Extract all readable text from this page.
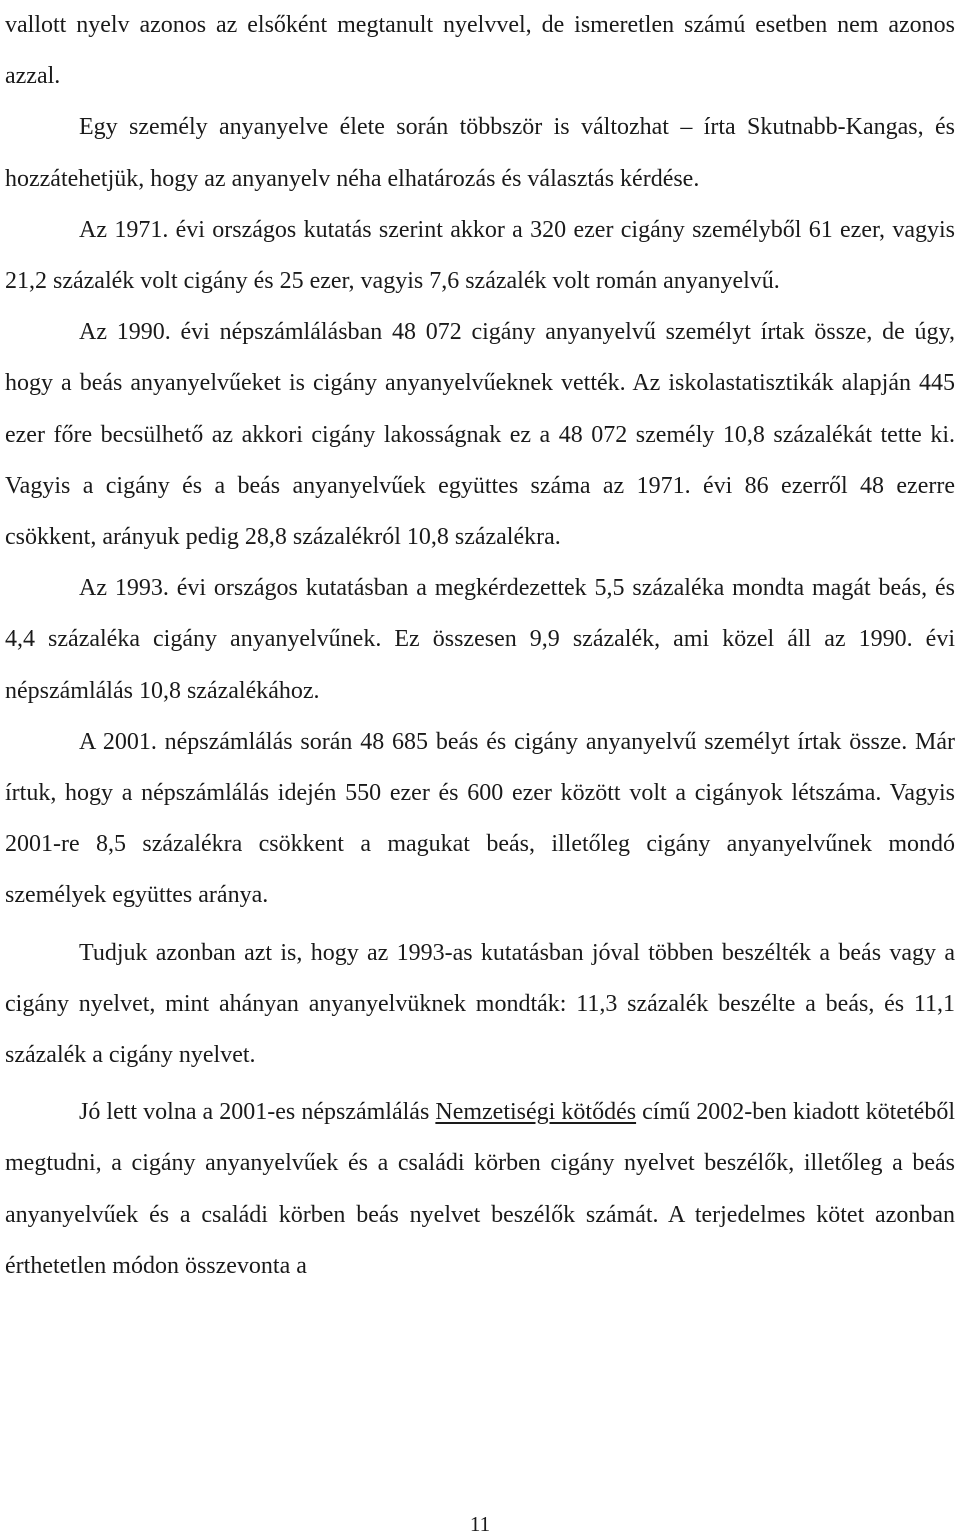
vallott nyelv azonos az elsőként megtanult nyelvvel, de ismeretlen számú esetben nem azonos azzal.

Egy személy anyanyelve élete során többször is változhat – írta Skutnabb-Kangas, és hozzátehetjük, hogy az anyanyelv néha elhatározás és választás kérdése.

Az 1971. évi országos kutatás szerint akkor a 320 ezer cigány személyből 61 ezer, vagyis 21,2 százalék volt cigány és 25 ezer, vagyis 7,6 százalék volt román anyanyelvű.

Az 1990. évi népszámlálásban 48 072 cigány anyanyelvű személyt írtak össze, de úgy, hogy a beás anyanyelvűeket is cigány anyanyelvűeknek vették. Az iskolastatisztikák alapján 445 ezer főre becsülhető az akkori cigány lakosságnak ez a 48 072 személy 10,8 százalékát tette ki. Vagyis a cigány és a beás anyanyelvűek együttes száma az 1971. évi 86 ezerről 48 ezerre csökkent, arányuk pedig 28,8 százalékról 10,8 százalékra.

Az 1993. évi országos kutatásban a megkérdezettek 5,5 százaléka mondta magát beás, és 4,4 százaléka cigány anyanyelvűnek. Ez összesen 9,9 százalék, ami közel áll az 1990. évi népszámlálás 10,8 százalékához.

A 2001. népszámlálás során 48 685 beás és cigány anyanyelvű személyt írtak össze. Már írtuk, hogy a népszámlálás idején 550 ezer és 600 ezer között volt a cigányok létszáma. Vagyis 2001-re 8,5 százalékra csökkent a magukat beás, illetőleg cigány anyanyelvűnek mondó személyek együttes aránya.

Tudjuk azonban azt is, hogy az 1993-as kutatásban jóval többen beszélték a beás vagy a cigány nyelvet, mint ahányan anyanyelvüknek mondták: 11,3 százalék beszélte a beás, és 11,1 százalék a cigány nyelvet.

Jó lett volna a 2001-es népszámlálás Nemzetiségi kötődés című 2002-ben kiadott kötetéből megtudni, a cigány anyanyelvűek és a családi körben cigány nyelvet beszélők, illetőleg a beás anyanyelvűek és a családi körben beás nyelvet beszélők számát. A terjedelmes kötet azonban érthetetlen módon összevonta a

11
